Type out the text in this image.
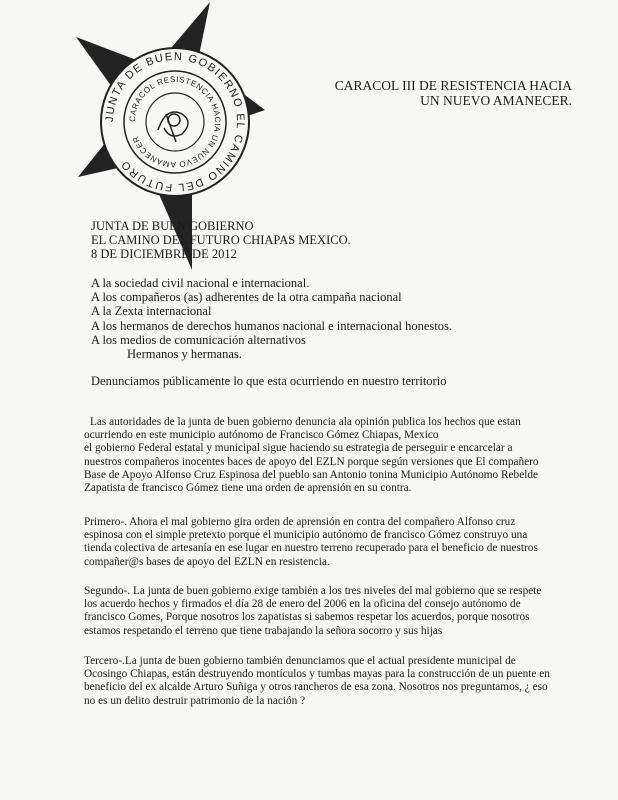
JUNTA DE BUEN GOBIERNO EL CAMINO DEL FUTURO
CARACOL RESISTENCIA HACIA UN NUEVO AMANECER
CARACOL III DE RESISTENCIA HACIA
UN NUEVO AMANECER.
JUNTA DE BUEN GOBIERNO
EL CAMINO DEL FUTURO CHIAPAS MEXICO.
8 DE DICIEMBRE DE 2012
A la sociedad civil nacional e internacional.
A los compañeros (as) adherentes de la otra campaña nacional
A la Zexta internacional
A los hermanos de derechos humanos nacional e internacional honestos.
A los medios de comunicación alternativos
Hermanos y hermanas.
Denunciamos públicamente lo que esta ocurriendo en nuestro territorio
Las autoridades de la junta de buen gobierno denuncia ala opinión publica los hechos que estan
ocurriendo en este municipio autónomo de Francisco Gómez Chiapas, Mexico
el gobierno Federal estatal y municipal sigue haciendo su estrategia de perseguir e encarcelar a
nuestros compañeros inocentes baces de apoyo del EZLN porque según versiones que El compañero
Base de Apoyo Alfonso Cruz Espinosa del pueblo san Antonio tonina Municipio Autónomo Rebelde
Zapatista de francisco Gómez tiene una orden de aprensión en su contra.
Primero-. Ahora el mal gobierno gira orden de aprensión en contra del compañero Alfonso cruz
espinosa con el simple pretexto porque el municipio autónomo de francisco Gómez construyo una
tienda colectiva de artesanía en ese lugar en nuestro terreno recuperado para el beneficio de nuestros
compañer@s bases de apoyo del EZLN en resistencia.
Segundo-. La junta de buen gobierno exige también a los tres niveles del mal gobierno que se respete
los acuerdo hechos y firmados el día 28 de enero del 2006 en la oficina del consejo autónomo de
francisco Gomes, Porque nosotros los zapatistas si sabemos respetar los acuerdos, porque nosotros
estamos respetando el terreno que tiene trabajando la señora socorro y sus hijas
Tercero-.La junta de buen gobierno también denunciamos que el actual presidente municipal de
Ocosingo Chiapas, están destruyendo montículos y tumbas mayas para la construcción de un puente en
beneficio del ex alcalde Arturo Suñiga y otros rancheros de esa zona. Nosotros nos preguntamos, ¿ eso
no es un delito destruir patrimonio de la nación ?
